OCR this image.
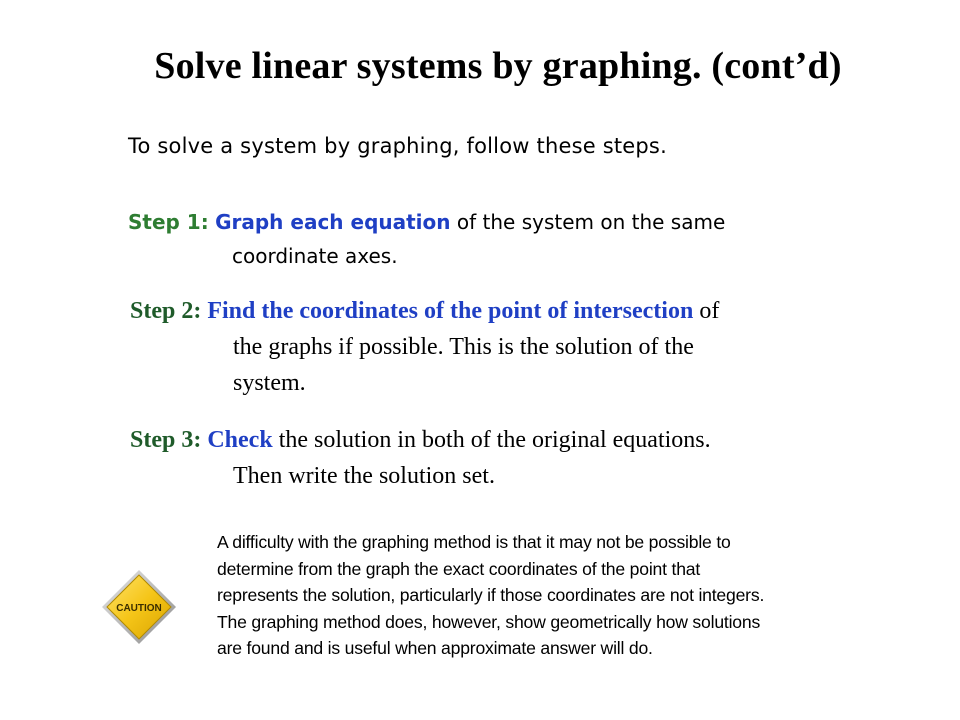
Solve linear systems by graphing. (cont’d)
To solve a system by graphing, follow these steps.
Step 1: Graph each equation of the system on the same
coordinate axes.
Step 2: Find the coordinates of the point of intersection of
the graphs if possible. This is the solution of the
system.
Step 3: Check the solution in both of the original equations.
Then write the solution set.
CAUTION
A difficulty with the graphing method is that it may not be possible to
determine from the graph the exact coordinates of the point that
represents the solution, particularly if those coordinates are not integers.
The graphing method does, however, show geometrically how solutions
are found and is useful when approximate answer will do.
